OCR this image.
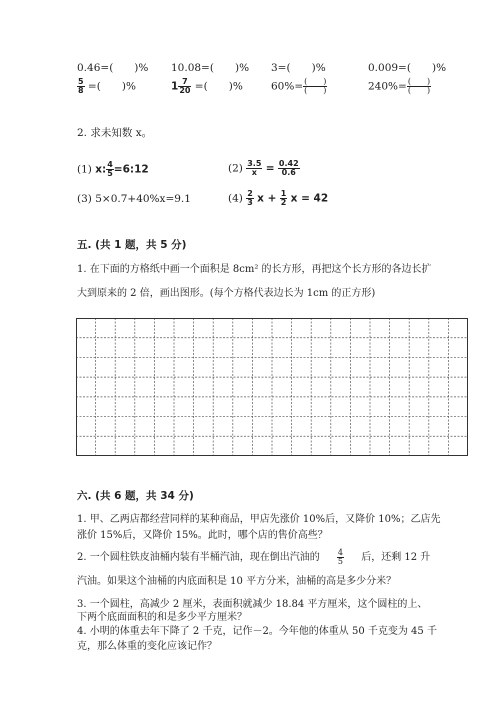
0.46=(　　)% 10.08=(　　)% 3=(　　)%	0.009=(　　)%
$\frac{5}{8}$ =(　　)%	$1 \frac{7}{20}$ =(　　)%	$60\%= \frac{( )}{( )}$	$240\%= \frac{( )}{( )}$
2. 求未知数 x。
(1) x: $\frac{4}{5}$ =6:12	$(2) \frac{3.5}{x} = \frac{0.42}{0.6}$
(3) 5×0.7+40%x=9.1	$(4) \frac{2}{3}$ $x + \frac{1}{2}$ x = 42
五. (共 1 题，共 5 分)
1. 在下面的方格纸中画一个面积是 8cm² 的长方形，再把这个长方形的各边长扩
大到原来的 2 倍，画出图形。(每个方格代表边长为 1cm 的正方形)
六. (共 6 题，共 34 分)
1. 甲、乙两店都经营同样的某种商品，甲店先涨价 10%后，又降价 10%；乙店先
涨价 15%后，又降价 15%。此时，哪个店的售价高些？
2. 一个圆柱铁皮油桶内装有半桶汽油，现在倒出汽油的 $\frac{4}{5}$ 后，还剩 12 升
汽油。如果这个油桶的内底面积是 10 平方分米，油桶的高是多少分米？
3. 一个圆柱，高减少 2 厘米，表面积就减少 18.84 平方厘米，这个圆柱的上、
下两个底面面积的和是多少平方厘米？
4. 小明的体重去年下降了 2 千克，记作－2。今年他的体重从 50 千克变为 45 千
克，那么体重的变化应该记作？
